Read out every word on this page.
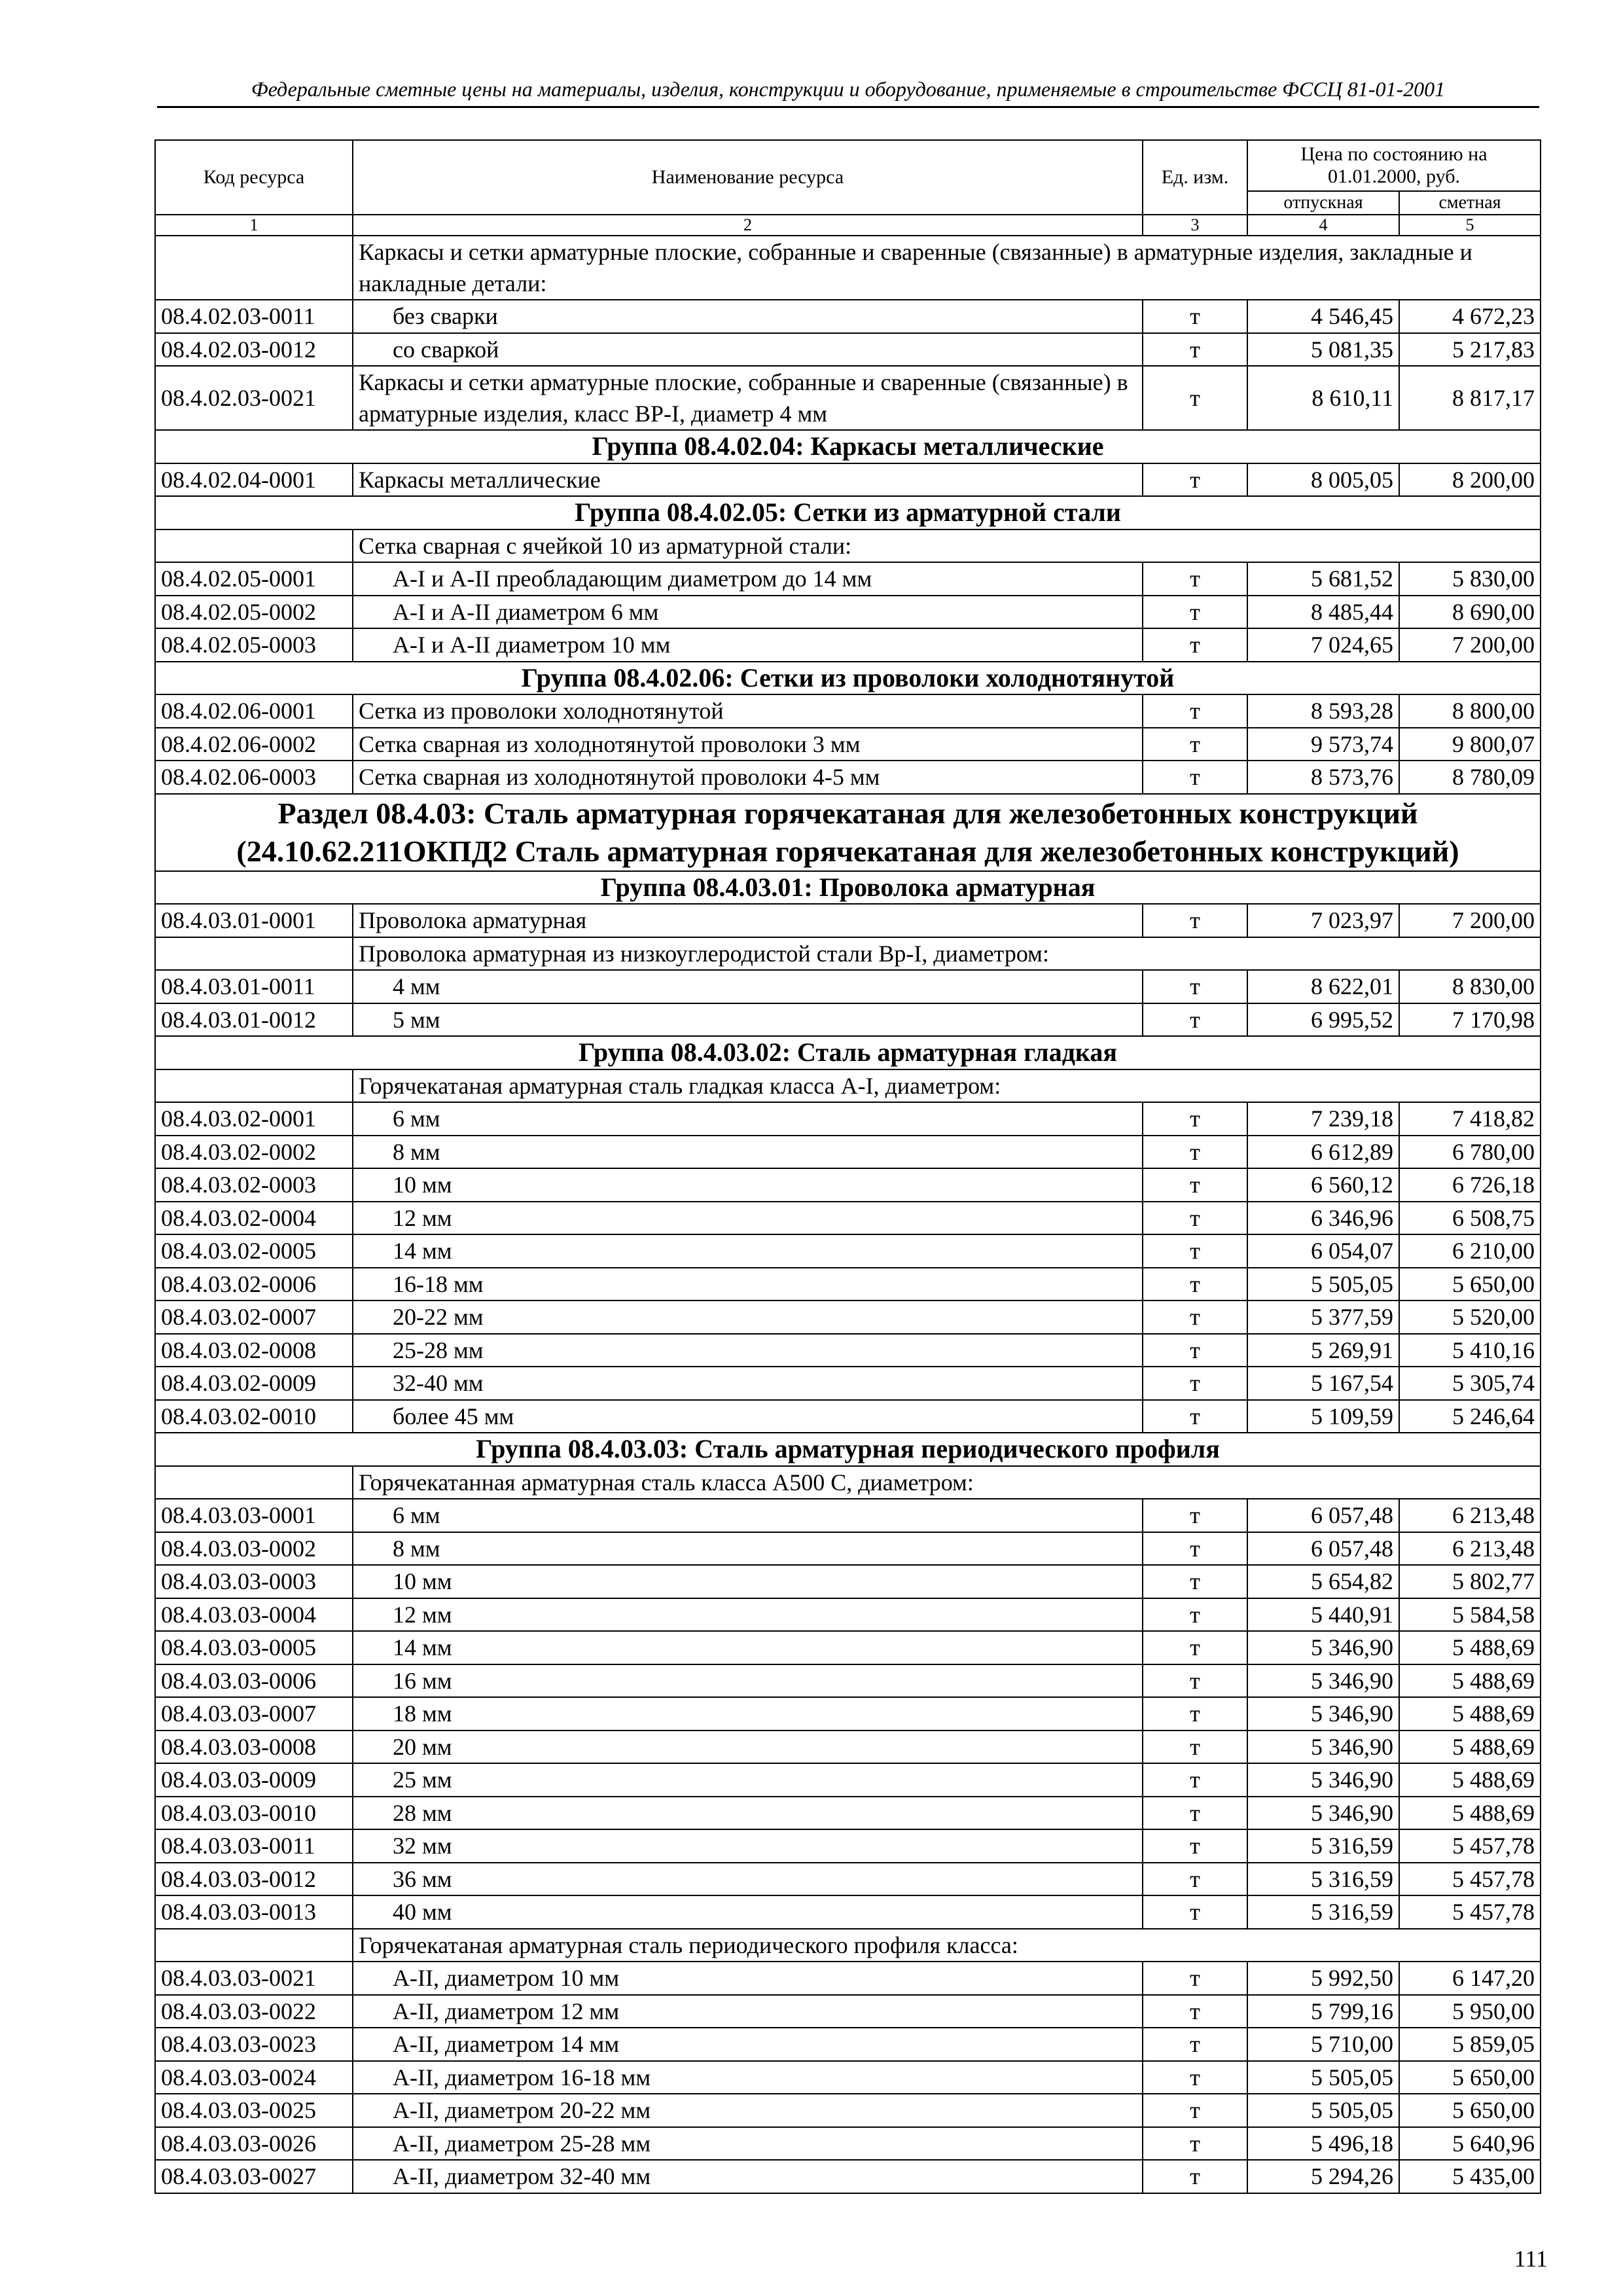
Федеральные сметные цены на материалы, изделия, конструкции и оборудование, применяемые в строительстве ФССЦ 81-01-2001
Код ресурса	Наименование ресурса	Ед. изм.	Цена по состоянию на 01.01.2000, руб.	
			отпускная	сметная
1	2	3	4	5
	Каркасы и сетки арматурные плоские, собранные и сваренные (связанные) в арматурные изделия, закладные и накладные детали:			
08.4.02.03-0011	без сварки	т	4 546,45	4 672,23
08.4.02.03-0012	со сваркой	т	5 081,35	5 217,83
08.4.02.03-0021	Каркасы и сетки арматурные плоские, собранные и сваренные (связанные) в арматурные изделия, класс ВР-I, диаметр 4 мм	т	8 610,11	8 817,17
Группа 08.4.02.04: Каркасы металлические				
08.4.02.04-0001	Каркасы металлические	т	8 005,05	8 200,00
Группа 08.4.02.05: Сетки из арматурной стали				
	Сетка сварная с ячейкой 10 из арматурной стали:			
08.4.02.05-0001	А-I и А-II преобладающим диаметром до 14 мм	т	5 681,52	5 830,00
08.4.02.05-0002	А-I и А-II диаметром 6 мм	т	8 485,44	8 690,00
08.4.02.05-0003	А-I и А-II диаметром 10 мм	т	7 024,65	7 200,00
Группа 08.4.02.06: Сетки из проволоки холоднотянутой				
08.4.02.06-0001	Сетка из проволоки холоднотянутой	т	8 593,28	8 800,00
08.4.02.06-0002	Сетка сварная из холоднотянутой проволоки 3 мм	т	9 573,74	9 800,07
08.4.02.06-0003	Сетка сварная из холоднотянутой проволоки 4-5 мм	т	8 573,76	8 780,09
Раздел 08.4.03: Сталь арматурная горячекатаная для железобетонных конструкций (24.10.62.211ОКПД2 Сталь арматурная горячекатаная для железобетонных конструкций)				
Группа 08.4.03.01: Проволока арматурная				
08.4.03.01-0001	Проволока арматурная	т	7 023,97	7 200,00
	Проволока арматурная из низкоуглеродистой стали Вр-I, диаметром:			
08.4.03.01-0011	4 мм	т	8 622,01	8 830,00
08.4.03.01-0012	5 мм	т	6 995,52	7 170,98
Группа 08.4.03.02: Сталь арматурная гладкая				
	Горячекатаная арматурная сталь гладкая класса А-I, диаметром:			
08.4.03.02-0001	6 мм	т	7 239,18	7 418,82
08.4.03.02-0002	8 мм	т	6 612,89	6 780,00
08.4.03.02-0003	10 мм	т	6 560,12	6 726,18
08.4.03.02-0004	12 мм	т	6 346,96	6 508,75
08.4.03.02-0005	14 мм	т	6 054,07	6 210,00
08.4.03.02-0006	16-18 мм	т	5 505,05	5 650,00
08.4.03.02-0007	20-22 мм	т	5 377,59	5 520,00
08.4.03.02-0008	25-28 мм	т	5 269,91	5 410,16
08.4.03.02-0009	32-40 мм	т	5 167,54	5 305,74
08.4.03.02-0010	более 45 мм	т	5 109,59	5 246,64
Группа 08.4.03.03: Сталь арматурная периодического профиля				
	Горячекатанная арматурная сталь класса А500 С, диаметром:			
08.4.03.03-0001	6 мм	т	6 057,48	6 213,48
08.4.03.03-0002	8 мм	т	6 057,48	6 213,48
08.4.03.03-0003	10 мм	т	5 654,82	5 802,77
08.4.03.03-0004	12 мм	т	5 440,91	5 584,58
08.4.03.03-0005	14 мм	т	5 346,90	5 488,69
08.4.03.03-0006	16 мм	т	5 346,90	5 488,69
08.4.03.03-0007	18 мм	т	5 346,90	5 488,69
08.4.03.03-0008	20 мм	т	5 346,90	5 488,69
08.4.03.03-0009	25 мм	т	5 346,90	5 488,69
08.4.03.03-0010	28 мм	т	5 346,90	5 488,69
08.4.03.03-0011	32 мм	т	5 316,59	5 457,78
08.4.03.03-0012	36 мм	т	5 316,59	5 457,78
08.4.03.03-0013	40 мм	т	5 316,59	5 457,78
	Горячекатаная арматурная сталь периодического профиля класса:			
08.4.03.03-0021	А-II, диаметром 10 мм	т	5 992,50	6 147,20
08.4.03.03-0022	А-II, диаметром 12 мм	т	5 799,16	5 950,00
08.4.03.03-0023	А-II, диаметром 14 мм	т	5 710,00	5 859,05
08.4.03.03-0024	А-II, диаметром 16-18 мм	т	5 505,05	5 650,00
08.4.03.03-0025	А-II, диаметром 20-22 мм	т	5 505,05	5 650,00
08.4.03.03-0026	А-II, диаметром 25-28 мм	т	5 496,18	5 640,96
08.4.03.03-0027	А-II, диаметром 32-40 мм	т	5 294,26	5 435,00
111
